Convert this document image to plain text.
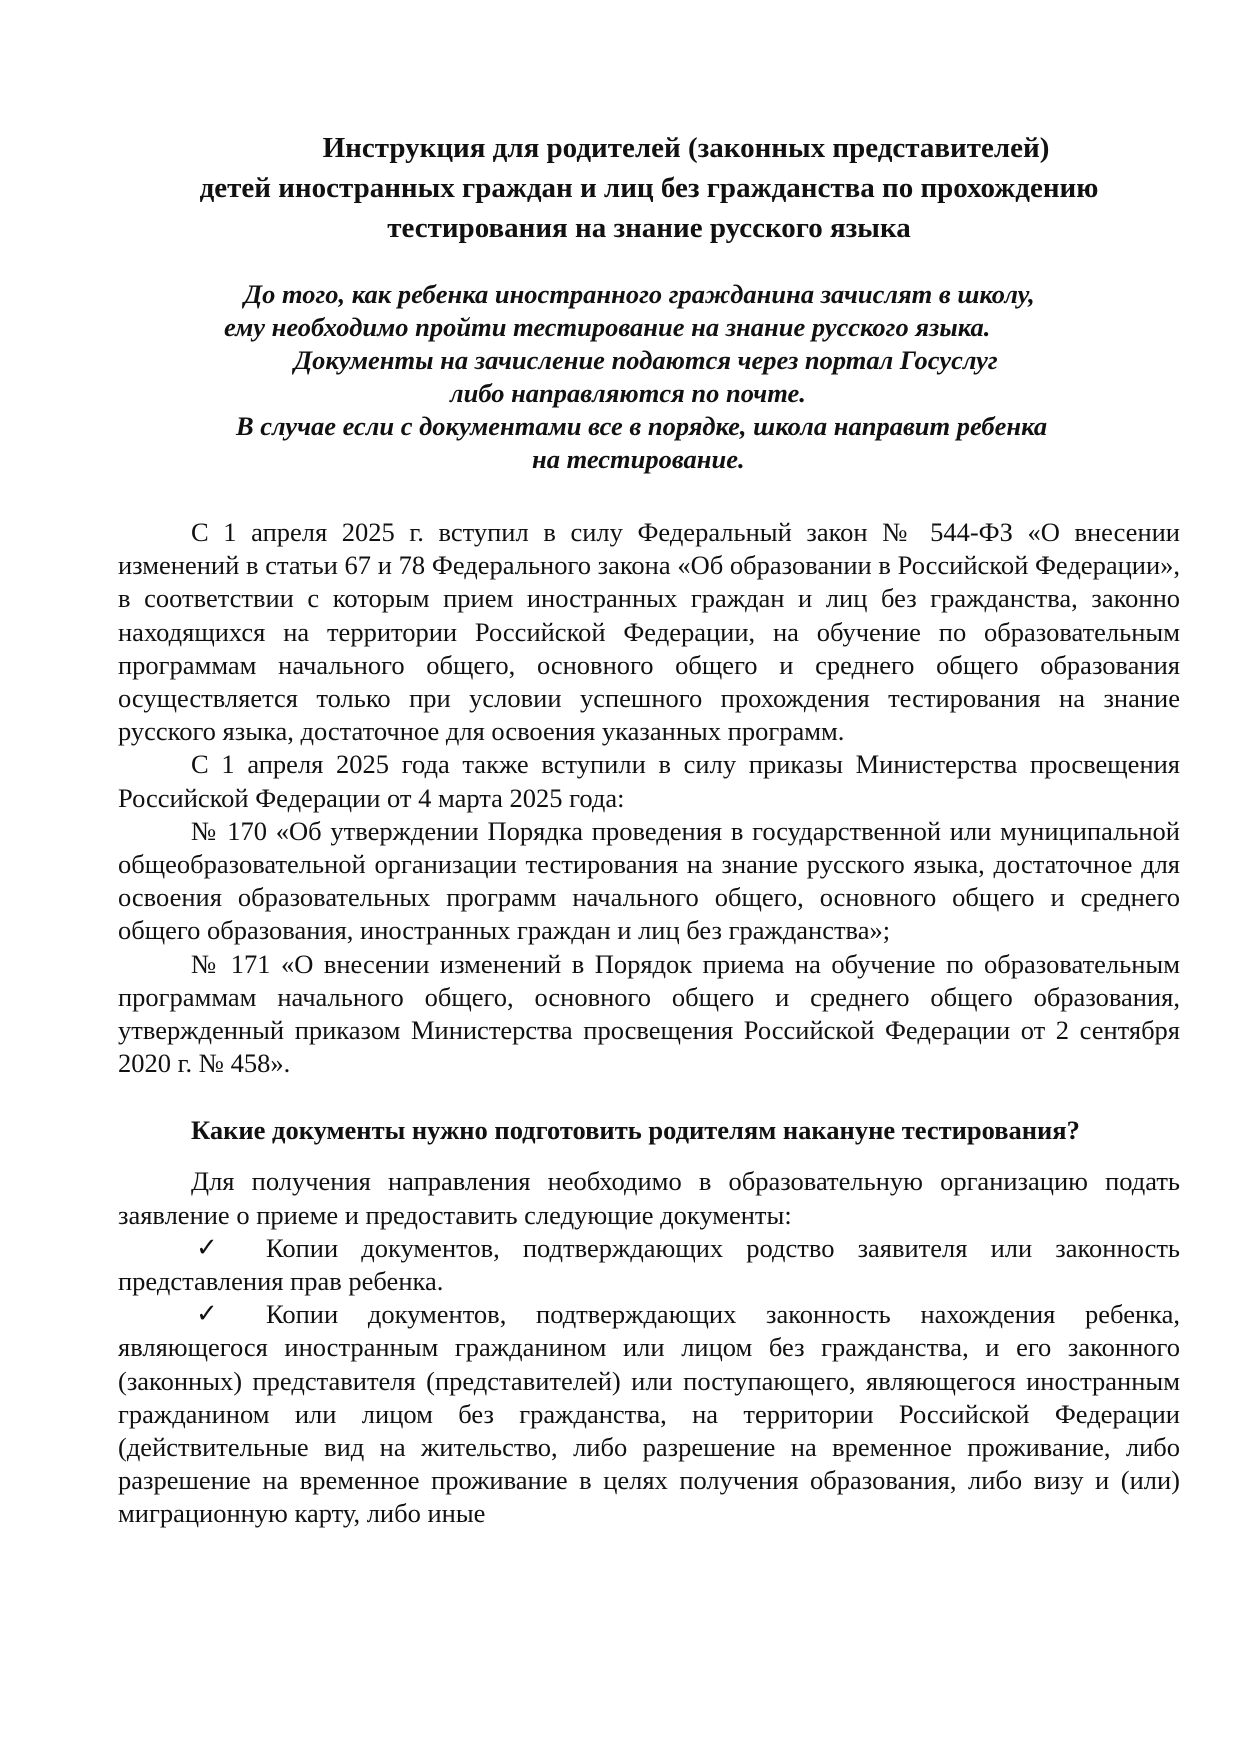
Инструкция для родителей (законных представителей)
детей иностранных граждан и лиц без гражданства по прохождению
тестирования на знание русского языка
До того, как ребенка иностранного гражданина зачислят в школу,
ему необходимо пройти тестирование на знание русского языка.
Документы на зачисление подаются через портал Госуслуг
либо направляются по почте.
В случае если с документами все в порядке, школа направит ребенка
на тестирование.

С 1 апреля 2025 г. вступил в силу Федеральный закон № 544-ФЗ «О внесении изменений в статьи 67 и 78 Федерального закона «Об образовании в Российской Федерации», в соответствии с которым прием иностранных граждан и лиц без гражданства, законно находящихся на территории Российской Федерации, на обучение по образовательным программам начального общего, основного общего и среднего общего образования осуществляется только при условии успешного прохождения тестирования на знание русского языка, достаточное для освоения указанных программ.

С 1 апреля 2025 года также вступили в силу приказы Министерства просвещения Российской Федерации от 4 марта 2025 года:

№ 170 «Об утверждении Порядка проведения в государственной или муниципальной общеобразовательной организации тестирования на знание русского языка, достаточное для освоения образовательных программ начального общего, основного общего и среднего общего образования, иностранных граждан и лиц без гражданства»;

№ 171 «О внесении изменений в Порядок приема на обучение по образовательным программам начального общего, основного общего и среднего общего образования, утвержденный приказом Министерства просвещения Российской Федерации от 2 сентября 2020 г. № 458».

Какие документы нужно подготовить родителям накануне тестирования?

Для получения направления необходимо в образовательную организацию подать заявление о приеме и предоставить следующие документы:

✓ Копии документов, подтверждающих родство заявителя или законность представления прав ребенка.
✓ Копии документов, подтверждающих законность нахождения ребенка, являющегося иностранным гражданином или лицом без гражданства, и его законного (законных) представителя (представителей) или поступающего, являющегося иностранным гражданином или лицом без гражданства, на территории Российской Федерации (действительные вид на жительство, либо разрешение на временное проживание, либо разрешение на временное проживание в целях получения образования, либо визу и (или) миграционную карту, либо иные
